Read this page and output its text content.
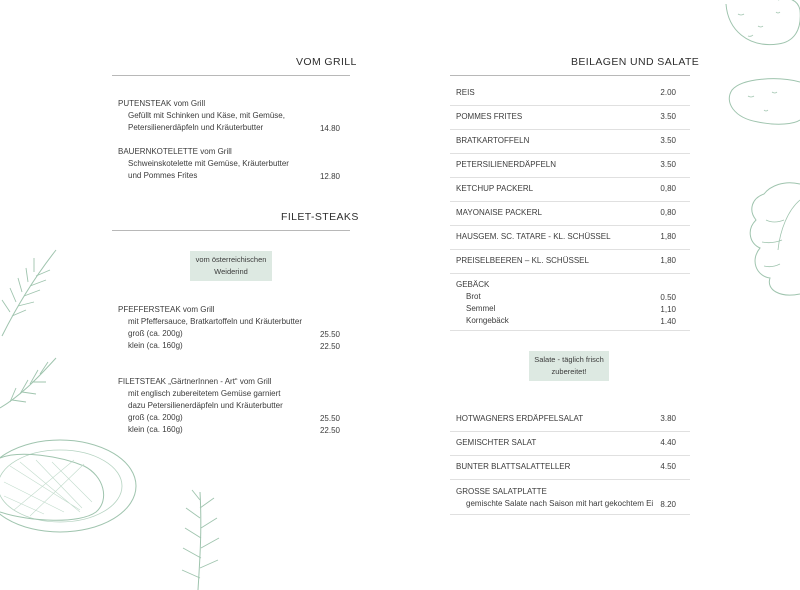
VOM GRILL
PUTENSTEAK vom Grill
Gefüllt mit Schinken und Käse, mit Gemüse,
Petersilienerdäpfeln und Kräuterbutter	14.80
BAUERNKOTELETTE vom Grill
Schweinskotelette mit Gemüse, Kräuterbutter
und Pommes Frites	12.80
FILET-STEAKS
vom österreichischen
Weiderind
PFEFFERSTEAK vom Grill
mit Pfeffersauce, Bratkartoffeln und Kräuterbutter
groß (ca. 200g)	25.50
klein (ca. 160g)	22.50
FILETSTEAK „GärtnerInnen - Art“ vom Grill
mit englisch zubereitetem Gemüse garniert
dazu Petersilienerdäpfeln und Kräuterbutter
groß (ca. 200g)	25.50
klein (ca. 160g)	22.50
BEILAGEN UND SALATE
REIS	2.00
POMMES FRITES	3.50
BRATKARTOFFELN	3.50
PETERSILIENERDÄPFELN	3.50
KETCHUP PACKERL	0,80
MAYONAISE PACKERL	0,80
HAUSGEM. SC. TATARE - KL. SCHÜSSEL	1,80
PREISELBEEREN – KL. SCHÜSSEL	1,80
GEBÄCK
Brot	0.50
Semmel	1,10
Korngebäck	1.40
Salate - täglich frisch
zubereitet!
HOTWAGNERS ERDÄPFELSALAT	3.80
GEMISCHTER SALAT	4.40
BUNTER BLATTSALATTELLER	4.50
GROSSE SALATPLATTE
gemischte Salate nach Saison mit hart gekochtem Ei 8.20
